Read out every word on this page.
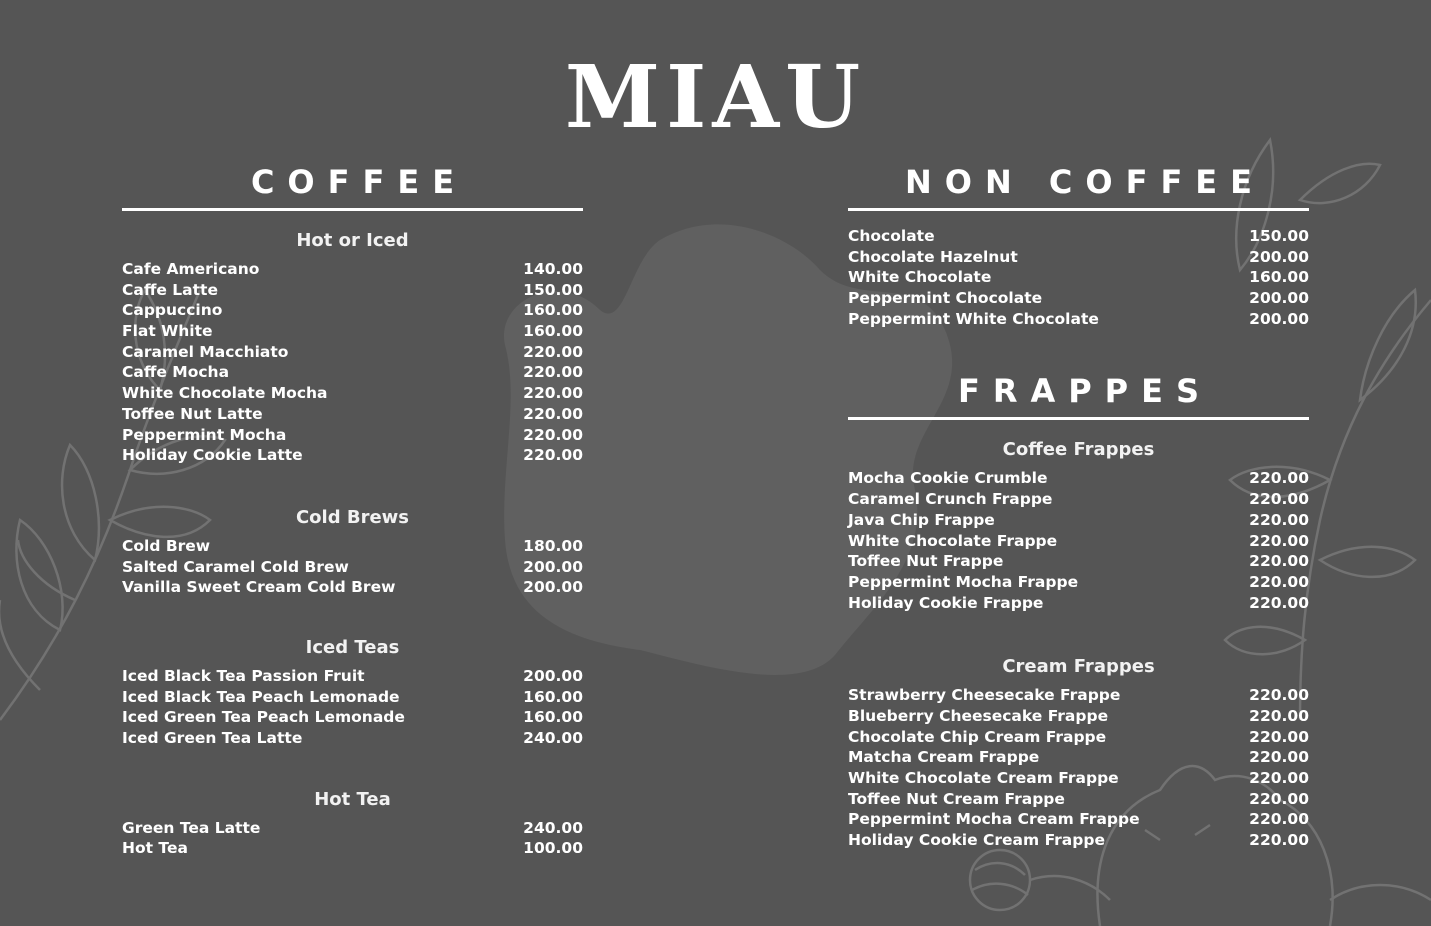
MIAU
COFFEE
Hot or Iced
Cafe Americano	140.00
Caffe Latte	150.00
Cappuccino	160.00
Flat White	160.00
Caramel Macchiato	220.00
Caffe Mocha	220.00
White Chocolate Mocha	220.00
Toffee Nut Latte	220.00
Peppermint Mocha	220.00
Holiday Cookie Latte	220.00
Cold Brews
Cold Brew	180.00
Salted Caramel Cold Brew	200.00
Vanilla Sweet Cream Cold Brew	200.00
Iced Teas
Iced Black Tea Passion Fruit	200.00
Iced Black Tea Peach Lemonade	160.00
Iced Green Tea Peach Lemonade	160.00
Iced Green Tea Latte	240.00
Hot Tea
Green Tea Latte	240.00
Hot Tea	100.00
NON COFFEE
Chocolate	150.00
Chocolate Hazelnut	200.00
White Chocolate	160.00
Peppermint Chocolate	200.00
Peppermint White Chocolate	200.00
FRAPPES
Coffee Frappes
Mocha Cookie Crumble	220.00
Caramel Crunch Frappe	220.00
Java Chip Frappe	220.00
White Chocolate Frappe	220.00
Toffee Nut Frappe	220.00
Peppermint Mocha Frappe	220.00
Holiday Cookie Frappe	220.00
Cream Frappes
Strawberry Cheesecake Frappe	220.00
Blueberry Cheesecake Frappe	220.00
Chocolate Chip Cream Frappe	220.00
Matcha Cream Frappe	220.00
White Chocolate Cream Frappe	220.00
Toffee Nut Cream Frappe	220.00
Peppermint Mocha Cream Frappe	220.00
Holiday Cookie Cream Frappe	220.00
